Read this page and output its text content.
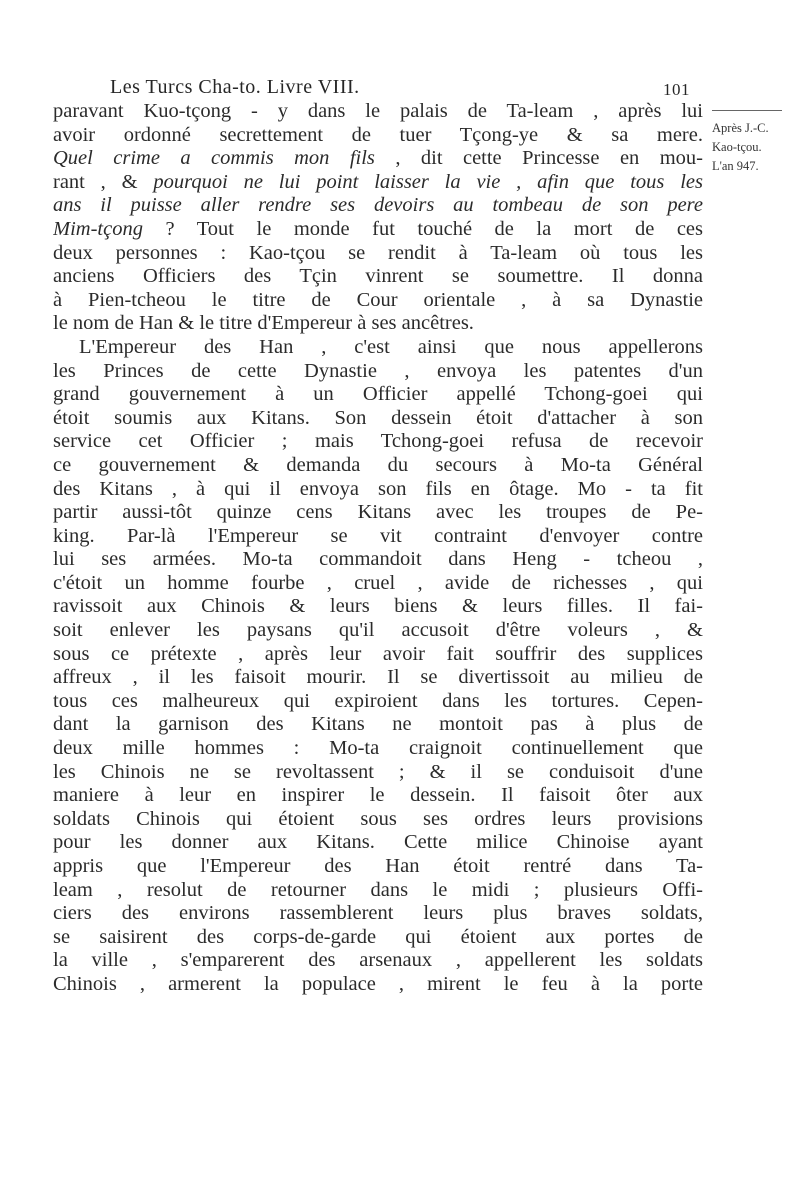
Les Turcs Cha-to. Livre VIII.	101
Après J.-C.
Kao-tçou.
L'an 947.
paravant Kuo-tçong - y dans le palais de Ta-leam , après lui
avoir ordonné secrettement de tuer Tçong-ye & sa mere.
Quel crime a commis mon fils , dit cette Princesse en mou-
rant , & pourquoi ne lui point laisser la vie , afin que tous les
ans il puisse aller rendre ses devoirs au tombeau de son pere
Mim-tçong ? Tout le monde fut touché de la mort de ces
deux personnes : Kao-tçou se rendit à Ta-leam où tous les
anciens Officiers des Tçin vinrent se soumettre. Il donna
à Pien-tcheou le titre de Cour orientale , à sa Dynastie
le nom de Han & le titre d'Empereur à ses ancêtres.
L'Empereur des Han , c'est ainsi que nous appellerons
les Princes de cette Dynastie , envoya les patentes d'un
grand gouvernement à un Officier appellé Tchong-goei qui
étoit soumis aux Kitans. Son dessein étoit d'attacher à son
service cet Officier ; mais Tchong-goei refusa de recevoir
ce gouvernement & demanda du secours à Mo-ta Général
des Kitans , à qui il envoya son fils en ôtage. Mo - ta fit
partir aussi-tôt quinze cens Kitans avec les troupes de Pe-
king. Par-là l'Empereur se vit contraint d'envoyer contre
lui ses armées. Mo-ta commandoit dans Heng - tcheou ,
c'étoit un homme fourbe , cruel , avide de richesses , qui
ravissoit aux Chinois & leurs biens & leurs filles. Il fai-
soit enlever les paysans qu'il accusoit d'être voleurs , &
sous ce prétexte , après leur avoir fait souffrir des supplices
affreux , il les faisoit mourir. Il se divertissoit au milieu de
tous ces malheureux qui expiroient dans les tortures. Cepen-
dant la garnison des Kitans ne montoit pas à plus de
deux mille hommes : Mo-ta craignoit continuellement que
les Chinois ne se revoltassent ; & il se conduisoit d'une
maniere à leur en inspirer le dessein. Il faisoit ôter aux
soldats Chinois qui étoient sous ses ordres leurs provisions
pour les donner aux Kitans. Cette milice Chinoise ayant
appris que l'Empereur des Han étoit rentré dans Ta-
leam , resolut de retourner dans le midi ; plusieurs Offi-
ciers des environs rassemblerent leurs plus braves soldats,
se saisirent des corps-de-garde qui étoient aux portes de
la ville , s'emparerent des arsenaux , appellerent les soldats
Chinois , armerent la populace , mirent le feu à la porte
